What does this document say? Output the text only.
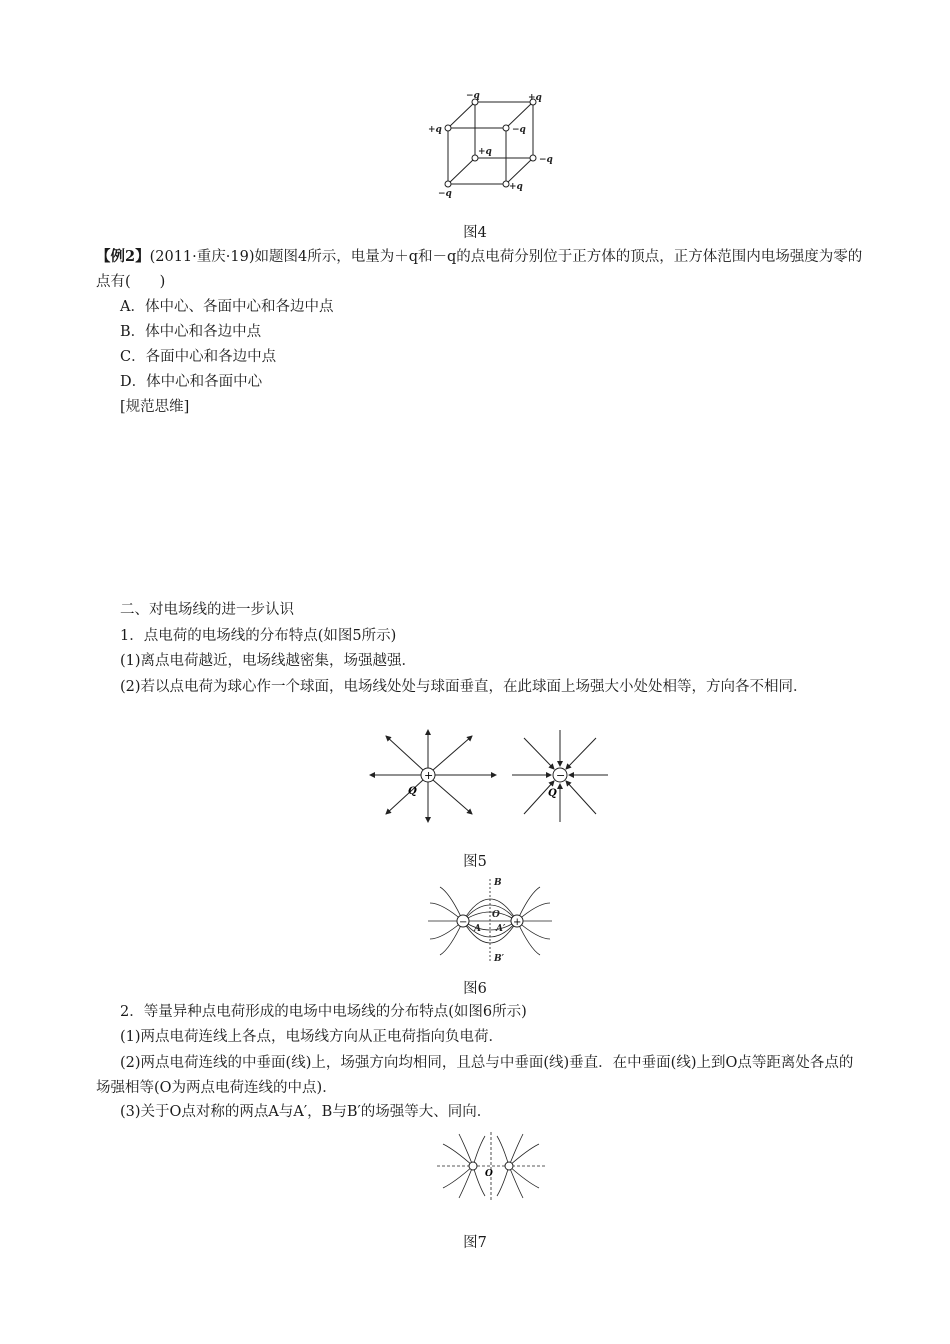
−q	+q
+q	−q
+q
−q
−q
+q
图4
【例2】(2011·重庆·19)如题图4所示，电量为＋q和－q的点电荷分别位于正方体的顶点，正方体范围内电场强度为零的点有(　　)
A．体中心、各面中心和各边中点
B．体中心和各边中点
C．各面中心和各边中点
D．体中心和各面中心
[规范思维]
二、对电场线的进一步认识
1．点电荷的电场线的分布特点(如图5所示)
(1)离点电荷越近，电场线越密集，场强越强．
(2)若以点电荷为球心作一个球面，电场线处处与球面垂直，在此球面上场强大小处处相等，方向各不相同．
+
Q
−
Q
图5
−	+
B
O
A A′
B′
图6
2．等量异种点电荷形成的电场中电场线的分布特点(如图6所示)
(1)两点电荷连线上各点，电场线方向从正电荷指向负电荷．
(2)两点电荷连线的中垂面(线)上，场强方向均相同，且总与中垂面(线)垂直．在中垂面(线)上到O点等距离处各点的场强相等(O为两点电荷连线的中点)．
(3)关于O点对称的两点A与A′，B与B′的场强等大、同向．
O
图7
